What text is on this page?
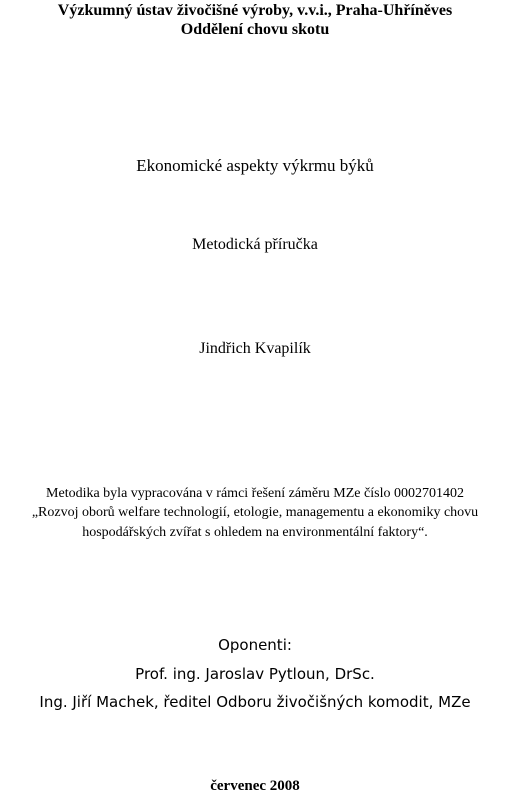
Výzkumný ústav živočišné výroby, v.v.i., Praha-Uhříněves
Oddělení chovu skotu
Ekonomické aspekty výkrmu býků
Metodická příručka
Jindřich Kvapilík
Metodika byla vypracována v rámci řešení záměru MZe číslo 0002701402
„Rozvoj oborů welfare technologií, etologie, managementu a ekonomiky chovu
hospodářských zvířat s ohledem na environmentální faktory“.
Oponenti:
Prof. ing. Jaroslav Pytloun, DrSc.
Ing. Jiří Machek, ředitel Odboru živočišných komodit, MZe
červenec 2008
